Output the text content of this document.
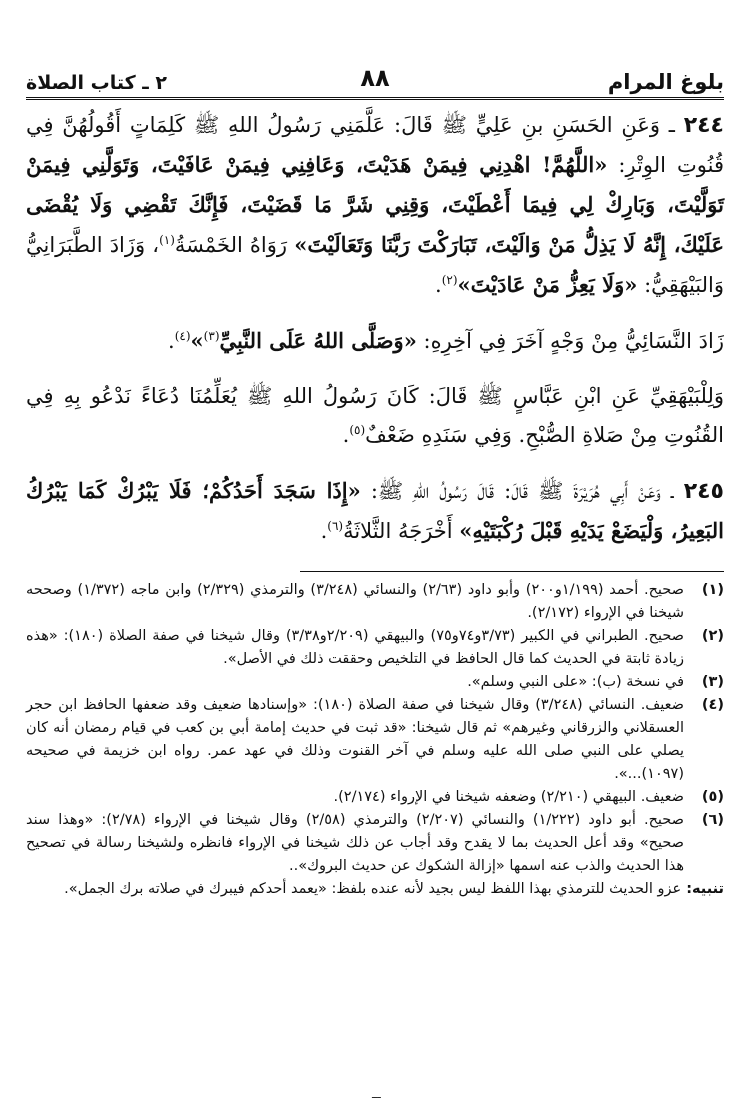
بلوغ المرام
٨٨
٢ ـ كتاب الصلاة

٢٤٤ ـ وَعَنِ الحَسَنِ بنِ عَلِيٍّ ﷺ قَالَ: عَلَّمَنِي رَسُولُ اللهِ ﷺ كَلِمَاتٍ أَقُولُهُنَّ فِي قُنُوتِ الوِتْرِ: «اللَّهُمَّ! اهْدِنِي فِيمَنْ هَدَيْتَ، وَعَافِنِي فِيمَنْ عَافَيْتَ، وَتَوَلَّنِي فِيمَنْ تَوَلَّيْتَ، وَبَارِكْ لِي فِيمَا أَعْطَيْتَ، وَقِنِي شَرَّ مَا قَضَيْتَ، فَإِنَّكَ تَقْضِي وَلَا يُقْضَى عَلَيْكَ، إِنَّهُ لَا يَذِلُّ مَنْ وَالَيْتَ، تَبَارَكْتَ رَبَّنَا وَتَعَالَيْتَ» رَوَاهُ الخَمْسَةُ$^{(١)}$، وَزَادَ الطَّبَرَانِيُّ وَالبَيْهَقِيُّ: «وَلَا يَعِزُّ مَنْ عَادَيْتَ»$^{(٢)}$.

زَادَ النَّسَائِيُّ مِنْ وَجْهٍ آخَرَ فِي آخِرِهِ: «وَصَلَّى اللهُ عَلَى النَّبِيِّ$^{(٣)}$»$^{(٤)}$.

وَلِلْبَيْهَقِيِّ عَنِ ابْنِ عَبَّاسٍ ﷺ قَالَ: كَانَ رَسُولُ اللهِ ﷺ يُعَلِّمُنَا دُعَاءً نَدْعُو بِهِ فِي القُنُوتِ مِنْ صَلاةِ الصُّبْحِ. وَفِي سَنَدِهِ ضَعْفٌ$^{(٥)}$.

٢٤٥ ـ وَعَنْ أَبِي هُرَيْرَةَ ﷺ قَالَ: قَالَ رَسُولُ اللهِ ﷺ: «إِذَا سَجَدَ أَحَدُكُمْ؛ فَلَا يَبْرُكْ كَمَا يَبْرُكُ البَعِيرُ، وَلْيَضَعْ يَدَيْهِ قَبْلَ رُكْبَتَيْهِ» أَخْرَجَهُ الثَّلاثَةُ$^{(٦)}$.

(١)
صحيح. أحمد (١/١٩٩و٢٠٠) وأبو داود (٢/٦٣) والنسائي (٣/٢٤٨) والترمذي (٢/٣٢٩) وابن ماجه (١/٣٧٢) وصححه شيخنا في الإرواء (٢/١٧٢).
(٢)
صحيح. الطبراني في الكبير (٣/٧٣و٧٤و٧٥) والبيهقي (٢/٢٠٩و٣/٣٨) وقال شيخنا في صفة الصلاة (١٨٠): «هذه زيادة ثابتة في الحديث كما قال الحافظ في التلخيص وحققت ذلك في الأصل».
(٣)
في نسخة (ب): «على النبي وسلم».
(٤)
ضعيف. النسائي (٣/٢٤٨) وقال شيخنا في صفة الصلاة (١٨٠): «وإسنادها ضعيف وقد ضعفها الحافظ ابن حجر العسقلاني والزرقاني وغيرهم» ثم قال شيخنا: «قد ثبت في حديث إمامة أبي بن كعب في قيام رمضان أنه كان يصلي على النبي صلى الله عليه وسلم في آخر القنوت وذلك في عهد عمر. رواه ابن خزيمة في صحيحه (١٠٩٧)...».
(٥)
ضعيف. البيهقي (٢/٢١٠) وضعفه شيخنا في الإرواء (٢/١٧٤).
(٦)
صحيح. أبو داود (١/٢٢٢) والنسائي (٢/٢٠٧) والترمذي (٢/٥٨) وقال شيخنا في الإرواء (٢/٧٨): «وهذا سند صحيح» وقد أعل الحديث بما لا يقدح وقد أجاب عن ذلك شيخنا في الإرواء فانظره ولشيخنا رسالة في تصحيح هذا الحديث والذب عنه اسمها «إزالة الشكوك عن حديث البروك»..

تنبيه: عزو الحديث للترمذي بهذا اللفظ ليس بجيد لأنه عنده بلفظ: «يعمد أحدكم فيبرك في صلاته برك الجمل».

ـــ
